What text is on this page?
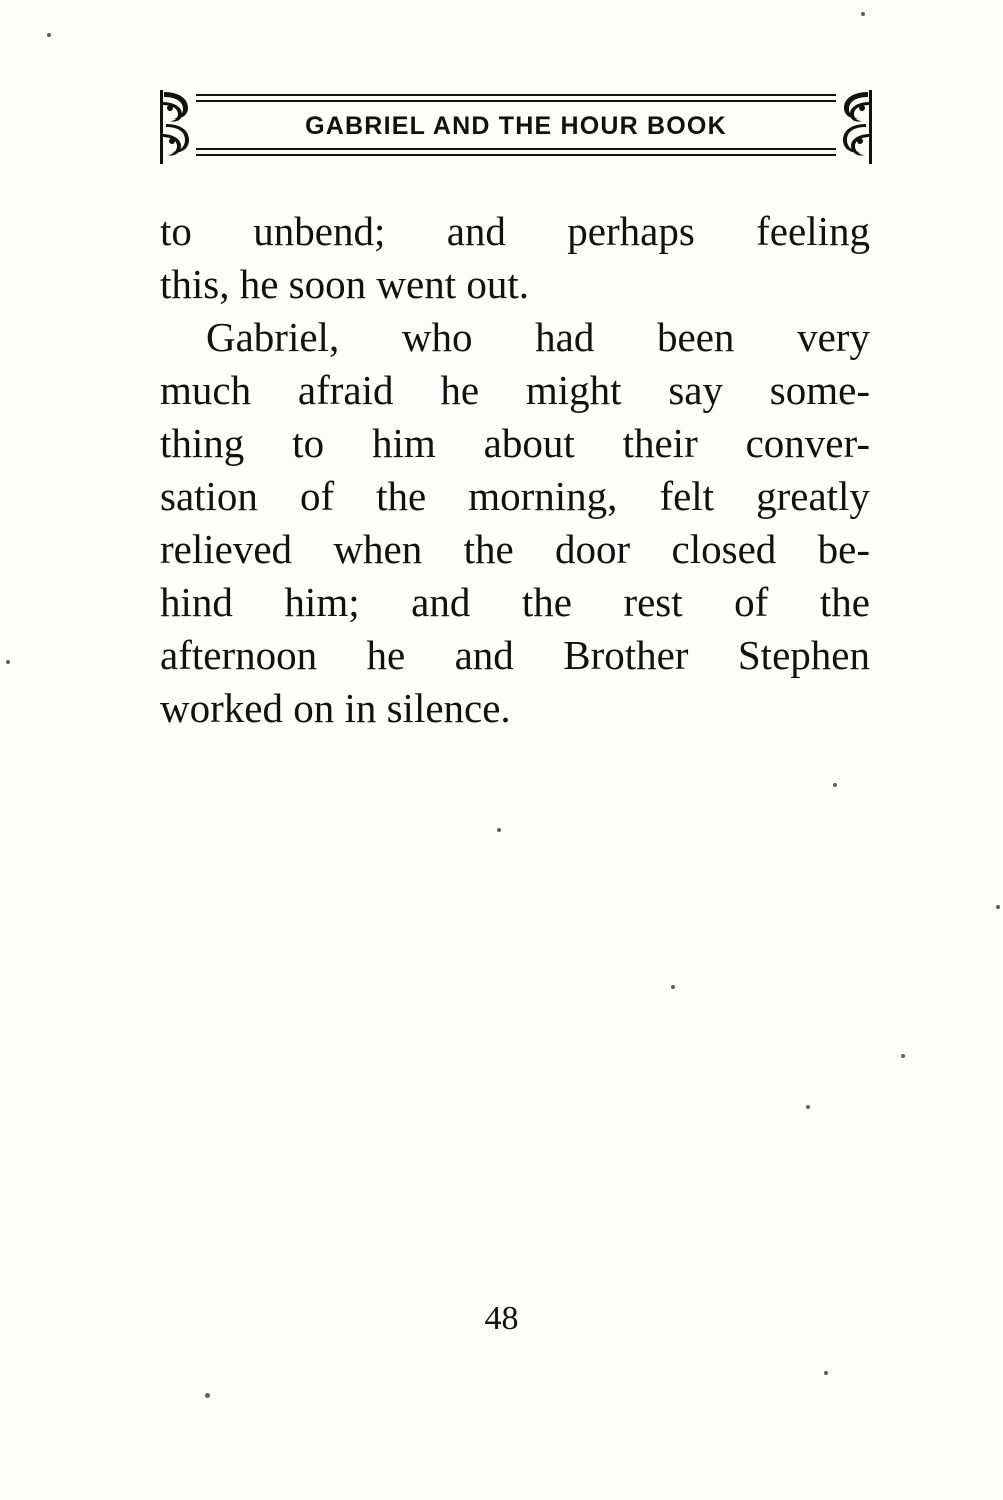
GABRIEL AND THE HOUR BOOK

to unbend; and perhaps feeling
this, he soon went out.

Gabriel, who had been very
much afraid he might say some-
thing to him about their conver-
sation of the morning, felt greatly
relieved when the door closed be-
hind him; and the rest of the
afternoon he and Brother Stephen
worked on in silence.

48
